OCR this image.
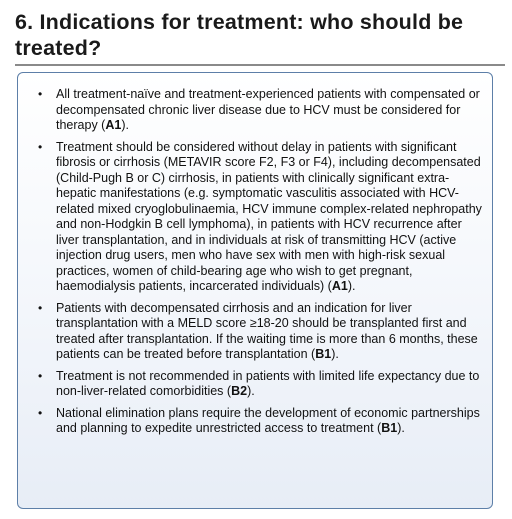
6. Indications for treatment: who should be treated?
• All treatment-naïve and treatment-experienced patients with compensated or decompensated chronic liver disease due to HCV must be considered for therapy (A1).
• Treatment should be considered without delay in patients with significant fibrosis or cirrhosis (METAVIR score F2, F3 or F4), including decompensated (Child-Pugh B or C) cirrhosis, in patients with clinically significant extra-hepatic manifestations (e.g. symptomatic vasculitis associated with HCV-related mixed cryoglobulinaemia, HCV immune complex-related nephropathy and non-Hodgkin B cell lymphoma), in patients with HCV recurrence after liver transplantation, and in individuals at risk of transmitting HCV (active injection drug users, men who have sex with men with high-risk sexual practices, women of child-bearing age who wish to get pregnant, haemodialysis patients, incarcerated individuals) (A1).
• Patients with decompensated cirrhosis and an indication for liver transplantation with a MELD score ≥18-20 should be transplanted first and treated after transplantation. If the waiting time is more than 6 months, these patients can be treated before transplantation (B1).
• Treatment is not recommended in patients with limited life expectancy due to non-liver-related comorbidities (B2).
• National elimination plans require the development of economic partnerships and planning to expedite unrestricted access to treatment (B1).
